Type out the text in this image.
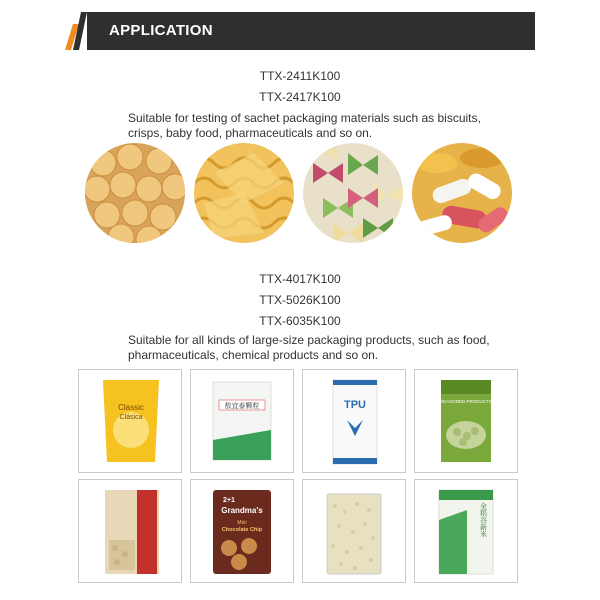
APPLICATION
TTX-2411K100
TTX-2417K100
Suitable for testing of sachet packaging materials such as biscuits, crisps, baby food, pharmaceuticals and so on.
TTX-4017K100
TTX-5026K100
TTX-6035K100
Suitable for all kinds of large-size packaging products, such as food, pharmaceuticals, chemical products and so on.
Classic
Clásica
敖宜泰颗粒	TPU	SEASONED PRODUCTS
2+1
Grandma's
Mini
Chocolate Chip	金稻谷新米
